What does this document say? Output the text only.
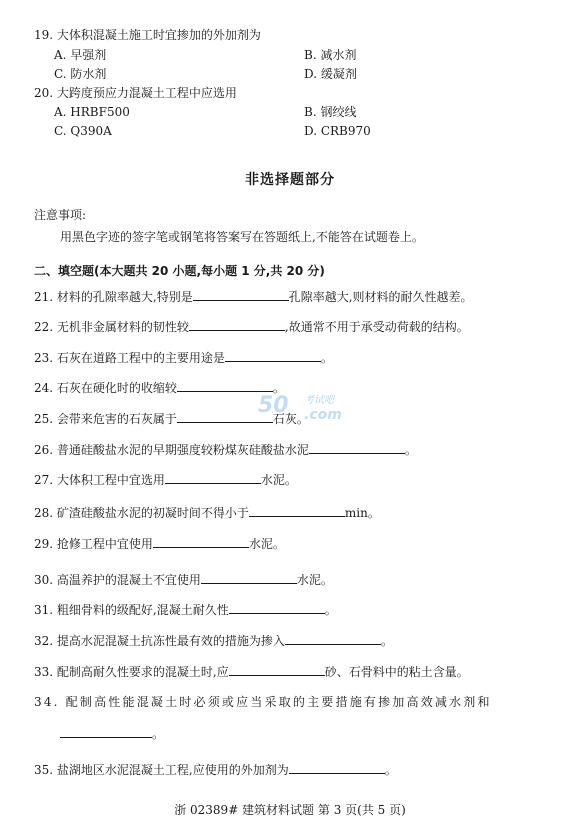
19. 大体积混凝土施工时宜掺加的外加剂为
A. 早强剂	B. 减水剂
C. 防水剂	D. 缓凝剂
20. 大跨度预应力混凝土工程中应选用
A. HRBF500	B. 钢绞线
C. Q390A	D. CRB970
非选择题部分
注意事项:
用黑色字迹的签字笔或钢笔将答案写在答题纸上,不能答在试题卷上。
二、填空题(本大题共 20 小题,每小题 1 分,共 20 分)
21. 材料的孔隙率越大,特别是	孔隙率越大,则材料的耐久性越差。
22. 无机非金属材料的韧性较	,故通常不用于承受动荷载的结构。
23. 石灰在道路工程中的主要用途是	。
24. 石灰在硬化时的收缩较	。
50 考试吧
.com
25. 会带来危害的石灰属于	石灰。
26. 普通硅酸盐水泥的早期强度较粉煤灰硅酸盐水泥	。
27. 大体积工程中宜选用	水泥。
28. 矿渣硅酸盐水泥的初凝时间不得小于	min。
29. 抢修工程中宜使用	水泥。
30. 高温养护的混凝土不宜使用	水泥。
31. 粗细骨料的级配好,混凝土耐久性	。
32. 提高水泥混凝土抗冻性最有效的措施为掺入	。
33. 配制高耐久性要求的混凝土时,应	砂、石骨料中的粘土含量。
34. 配制高性能混凝土时必须或应当采取的主要措施有掺加高效减水剂和
。
35. 盐湖地区水泥混凝土工程,应使用的外加剂为	。
浙 02389# 建筑材料试题 第 3 页(共 5 页)
